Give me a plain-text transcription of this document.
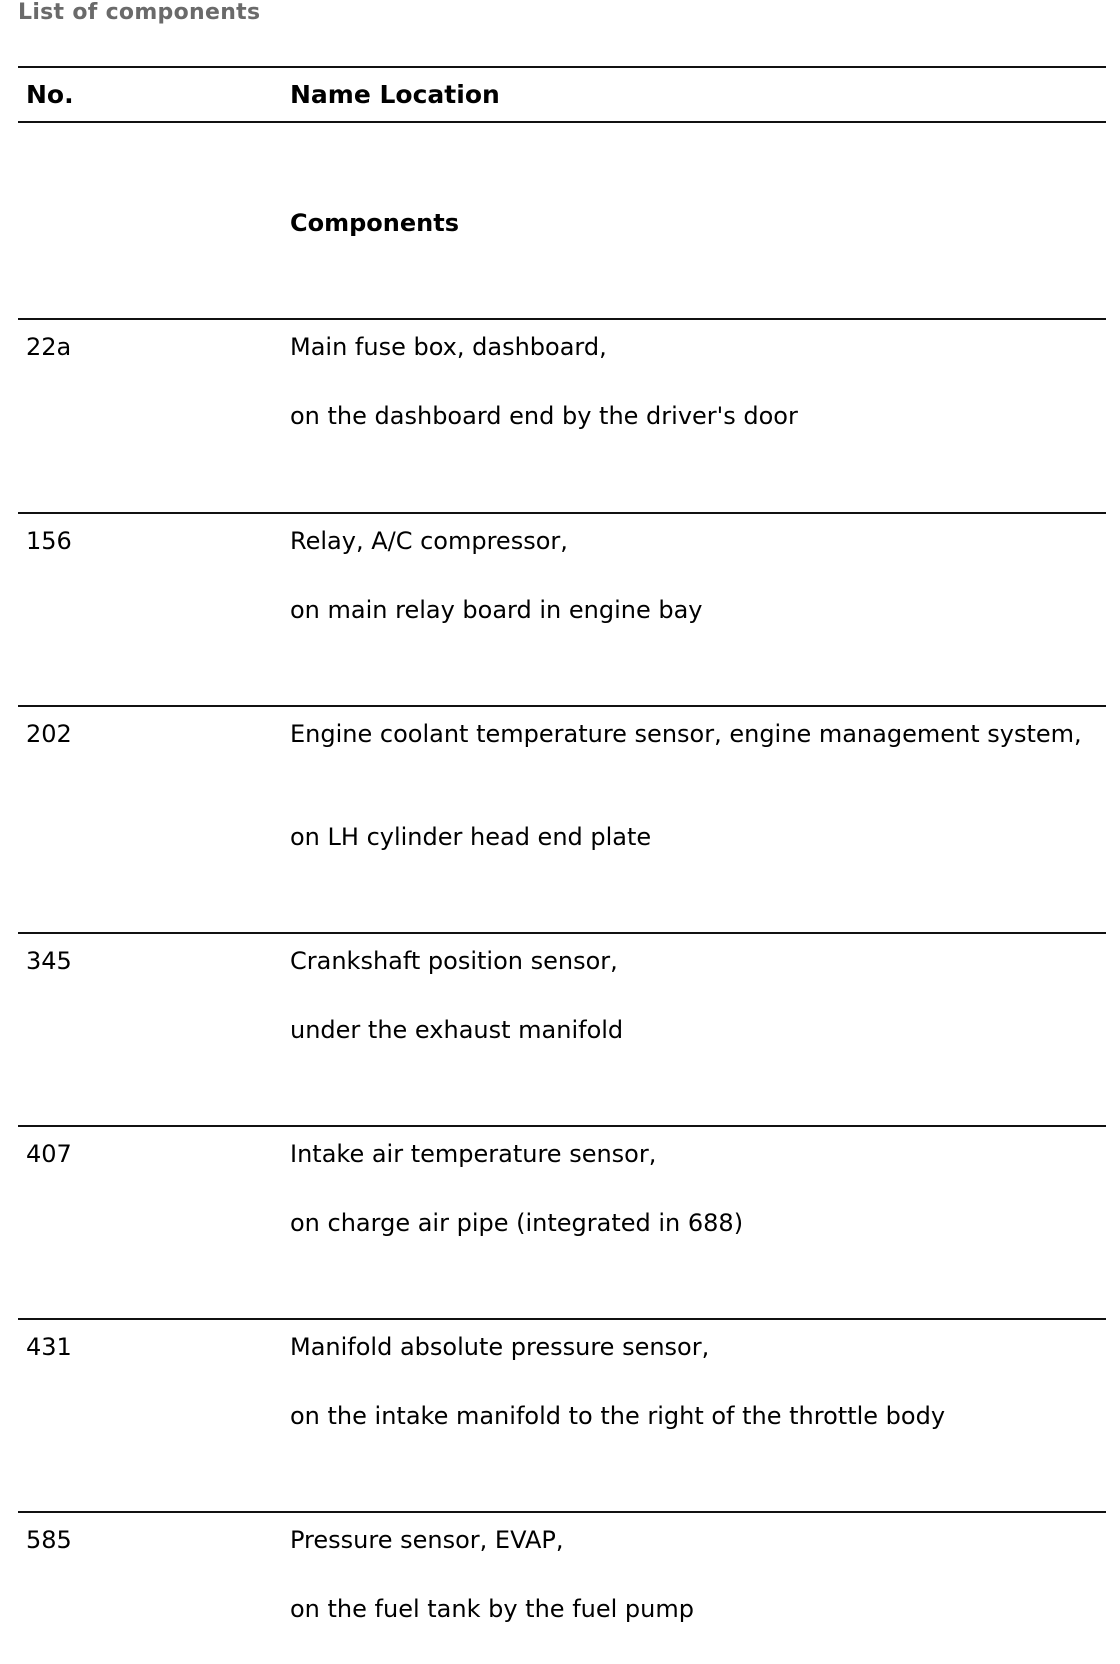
List of components
No.	Name Location
Components
22a	Main fuse box, dashboard,
on the dashboard end by the driver's door
156	Relay, A/C compressor,
on main relay board in engine bay
202	Engine coolant temperature sensor, engine management system,
on LH cylinder head end plate
345	Crankshaft position sensor,
under the exhaust manifold
407	Intake air temperature sensor,
on charge air pipe (integrated in 688)
431	Manifold absolute pressure sensor,
on the intake manifold to the right of the throttle body
585	Pressure sensor, EVAP,
on the fuel tank by the fuel pump
